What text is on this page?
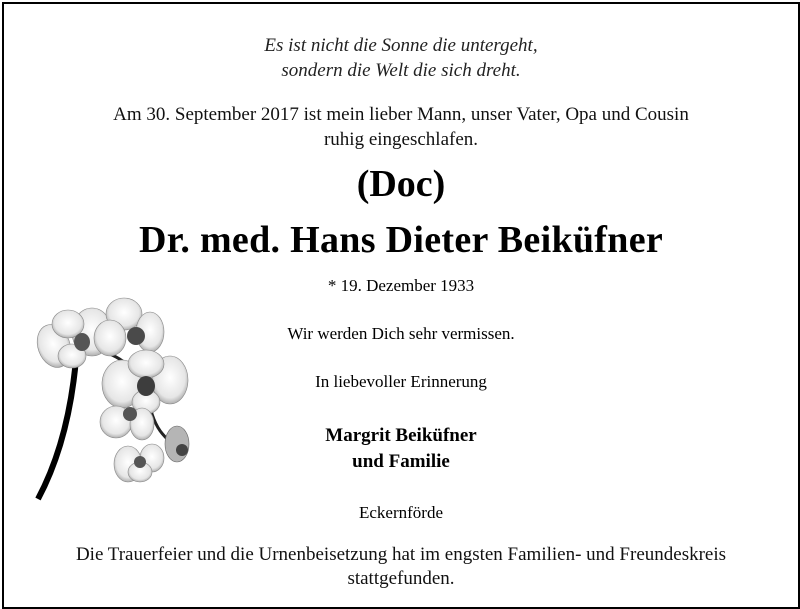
Es ist nicht die Sonne die untergeht,
sondern die Welt die sich dreht.
Am 30. September 2017 ist mein lieber Mann, unser Vater, Opa und Cousin
ruhig eingeschlafen.
(Doc)
Dr. med. Hans Dieter Beiküfner
* 19. Dezember 1933
Wir werden Dich sehr vermissen.
In liebevoller Erinnerung
Margrit Beiküfner
und Familie
Eckernförde
Die Trauerfeier und die Urnenbeisetzung hat im engsten Familien- und Freundeskreis
stattgefunden.
